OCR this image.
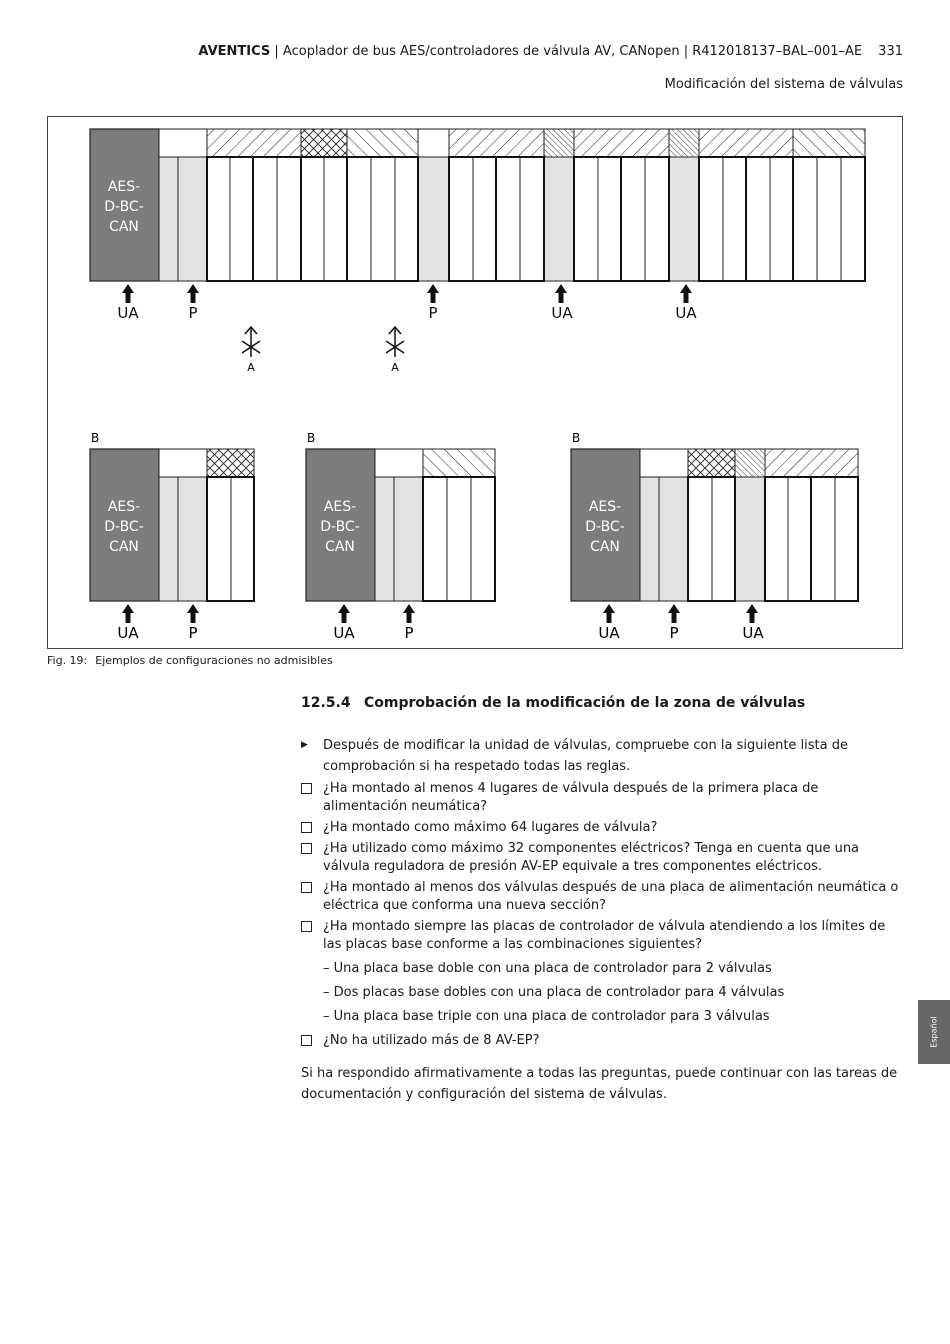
AVENTICS | Acoplador de bus AES/controladores de válvula AV, CANopen | R412018137–BAL–001–AE 331
Modificación del sistema de válvulas
AES-
D-BC-
CAN
UA	P	P	UA	UA
A	A
B	B	B
AES-
D-BC-
CAN
UA	P
AES-
D-BC-
CAN
UA	P
AES-
D-BC-
CAN
UA	P	UA
Fig. 19: Ejemplos de configuraciones no admisibles
12.5.4 Comprobación de la modificación de la zona de válvulas
▶ Después de modificar la unidad de válvulas, compruebe con la siguiente lista de comprobación si ha respetado todas las reglas.
¿Ha montado al menos 4 lugares de válvula después de la primera placa de alimentación neumática?
¿Ha montado como máximo 64 lugares de válvula?
¿Ha utilizado como máximo 32 componentes eléctricos? Tenga en cuenta que una válvula reguladora de presión AV-EP equivale a tres componentes eléctricos.
¿Ha montado al menos dos válvulas después de una placa de alimentación neumática o eléctrica que conforma una nueva sección?
¿Ha montado siempre las placas de controlador de válvula atendiendo a los límites de las placas base conforme a las combinaciones siguientes?
– Una placa base doble con una placa de controlador para 2 válvulas
– Dos placas base dobles con una placa de controlador para 4 válvulas
– Una placa base triple con una placa de controlador para 3 válvulas
¿No ha utilizado más de 8 AV-EP?
Si ha respondido afirmativamente a todas las preguntas, puede continuar con las tareas de documentación y configuración del sistema de válvulas.
Español
